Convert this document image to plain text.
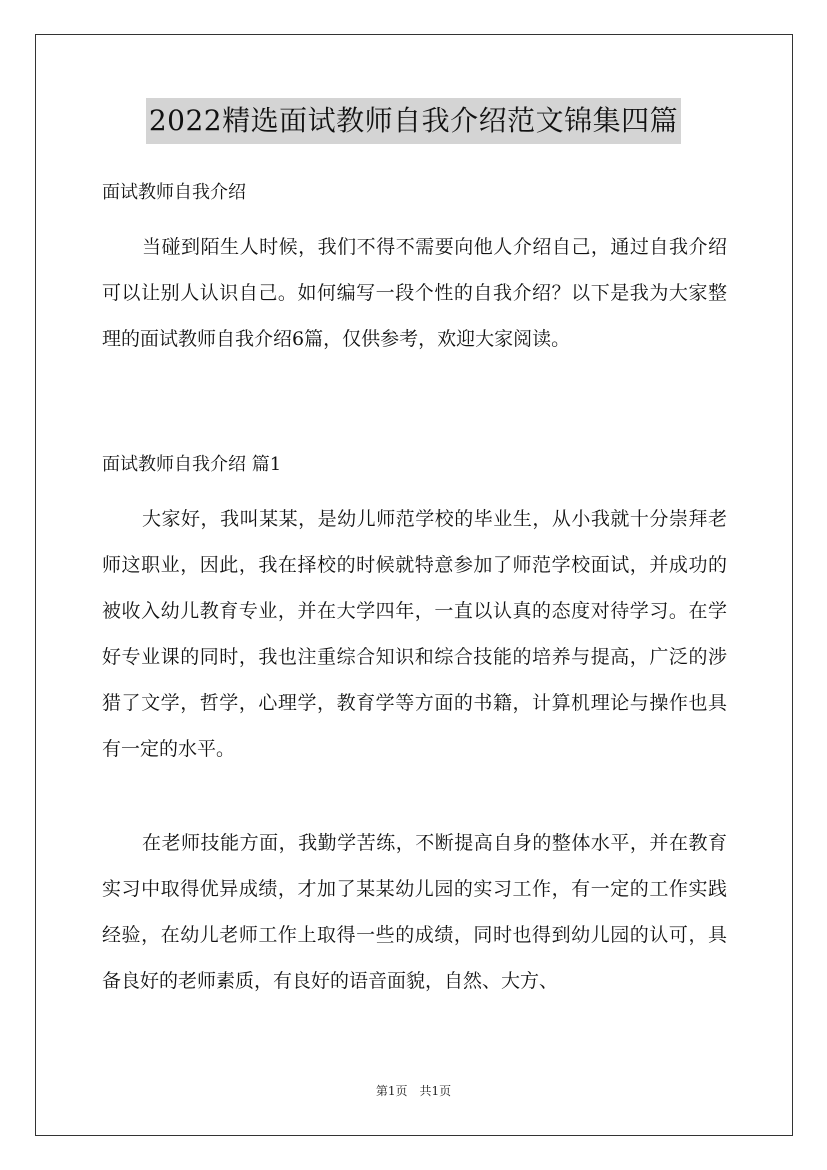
2022精选面试教师自我介绍范文锦集四篇
面试教师自我介绍

当碰到陌生人时候，我们不得不需要向他人介绍自己，通过自我介绍可以让别人认识自己。如何编写一段个性的自我介绍？以下是我为大家整理的面试教师自我介绍6篇，仅供参考，欢迎大家阅读。

面试教师自我介绍 篇1

大家好，我叫某某，是幼儿师范学校的毕业生，从小我就十分崇拜老师这职业，因此，我在择校的时候就特意参加了师范学校面试，并成功的被收入幼儿教育专业，并在大学四年，一直以认真的态度对待学习。在学好专业课的同时，我也注重综合知识和综合技能的培养与提高，广泛的涉猎了文学，哲学，心理学，教育学等方面的书籍，计算机理论与操作也具有一定的水平。

在老师技能方面，我勤学苦练，不断提高自身的整体水平，并在教育实习中取得优异成绩，才加了某某幼儿园的实习工作，有一定的工作实践经验，在幼儿老师工作上取得一些的成绩，同时也得到幼儿园的认可，具备良好的老师素质，有良好的语音面貌，自然、大方、

第1页　共1页
